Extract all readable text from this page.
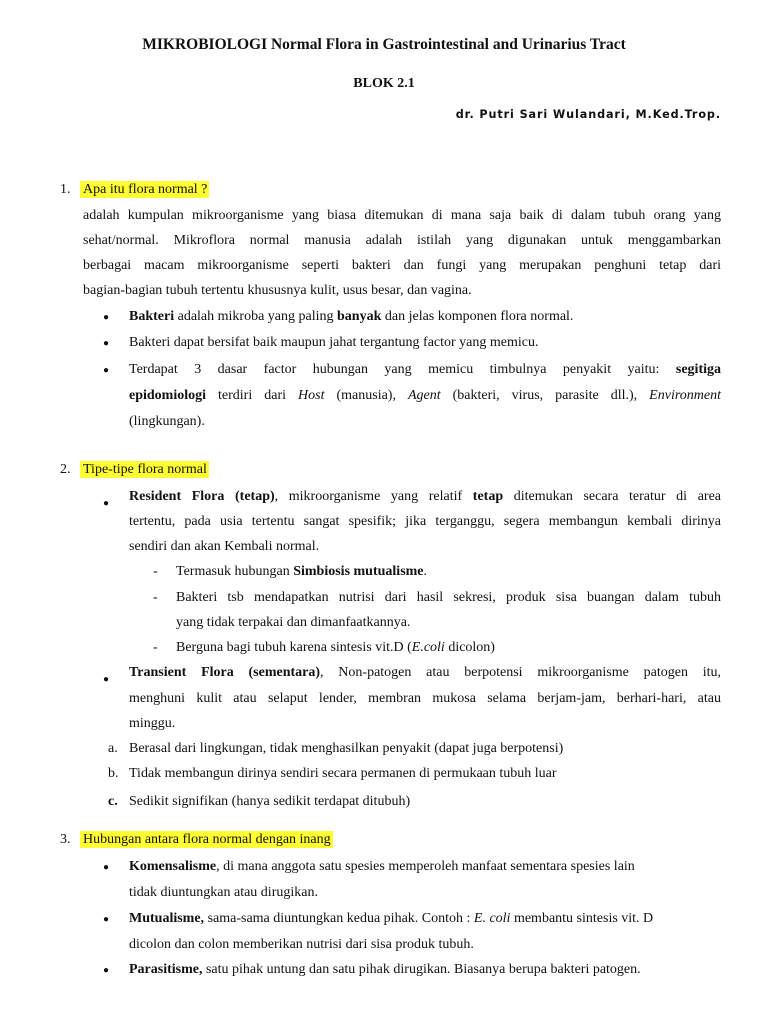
MIKROBIOLOGI Normal Flora in Gastrointestinal and Urinarius Tract
BLOK 2.1
dr. Putri Sari Wulandari, M.Ked.Trop.
1. Apa itu flora normal ?
adalah kumpulan mikroorganisme yang biasa ditemukan di mana saja baik di dalam tubuh orang yang
sehat/normal. Mikroflora normal manusia adalah istilah yang digunakan untuk menggambarkan
berbagai macam mikroorganisme seperti bakteri dan fungi yang merupakan penghuni tetap dari
bagian-bagian tubuh tertentu khususnya kulit, usus besar, dan vagina.
● Bakteri adalah mikroba yang paling banyak dan jelas komponen flora normal.
● Bakteri dapat bersifat baik maupun jahat tergantung factor yang memicu.
● Terdapat 3 dasar factor hubungan yang memicu timbulnya penyakit yaitu: segitiga
epidomiologi terdiri dari Host (manusia), Agent (bakteri, virus, parasite dll.), Environment
(lingkungan).
2. Tipe-tipe flora normal
● Resident Flora (tetap), mikroorganisme yang relatif tetap ditemukan secara teratur di area
tertentu, pada usia tertentu sangat spesifik; jika terganggu, segera membangun kembali dirinya
sendiri dan akan Kembali normal.
- Termasuk hubungan Simbiosis mutualisme.
- Bakteri tsb mendapatkan nutrisi dari hasil sekresi, produk sisa buangan dalam tubuh
yang tidak terpakai dan dimanfaatkannya.
- Berguna bagi tubuh karena sintesis vit.D (E.coli dicolon)
● Transient Flora (sementara), Non-patogen atau berpotensi mikroorganisme patogen itu,
menghuni kulit atau selaput lender, membran mukosa selama berjam-jam, berhari-hari, atau
minggu.
a. Berasal dari lingkungan, tidak menghasilkan penyakit (dapat juga berpotensi)
b. Tidak membangun dirinya sendiri secara permanen di permukaan tubuh luar
c. Sedikit signifikan (hanya sedikit terdapat ditubuh)
3. Hubungan antara flora normal dengan inang
● Komensalisme, di mana anggota satu spesies memperoleh manfaat sementara spesies lain
tidak diuntungkan atau dirugikan.
● Mutualisme, sama-sama diuntungkan kedua pihak. Contoh : E. coli membantu sintesis vit. D
dicolon dan colon memberikan nutrisi dari sisa produk tubuh.
● Parasitisme, satu pihak untung dan satu pihak dirugikan. Biasanya berupa bakteri patogen.
